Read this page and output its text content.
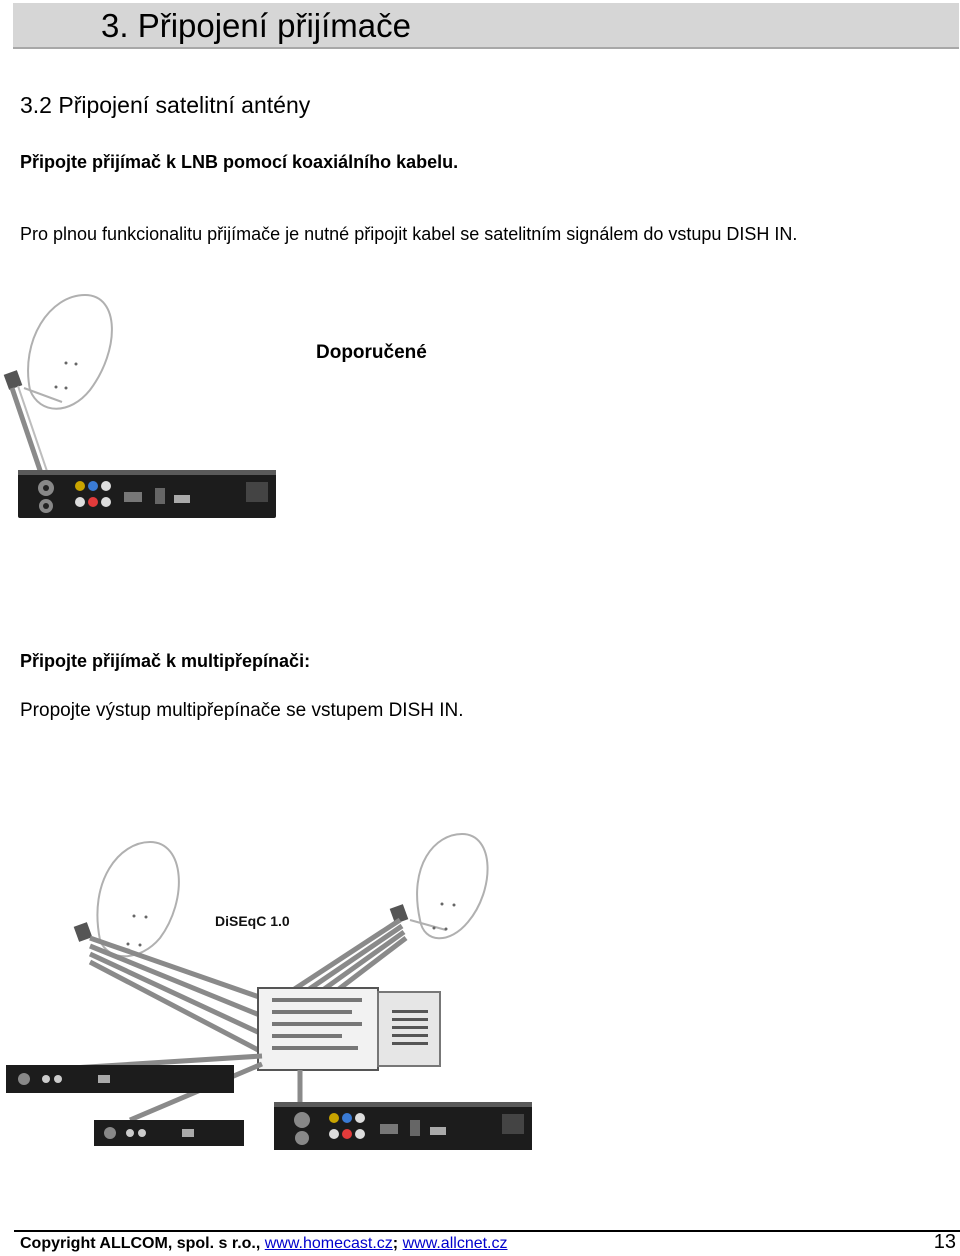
3. Připojení přijímače
3.2 Připojení satelitní antény

Připojte přijímač k LNB pomocí koaxiálního kabelu.

Pro plnou funkcionalitu přijímače je nutné připojit kabel se satelitním signálem do vstupu DISH IN.

Doporučené

Připojte přijímač k multipřepínači:

Propojte výstup multipřepínače se vstupem DISH IN.

DiSEqC 1.0
Copyright ALLCOM, spol. s r.o., www.homecast.cz; www.allcnet.cz	13
